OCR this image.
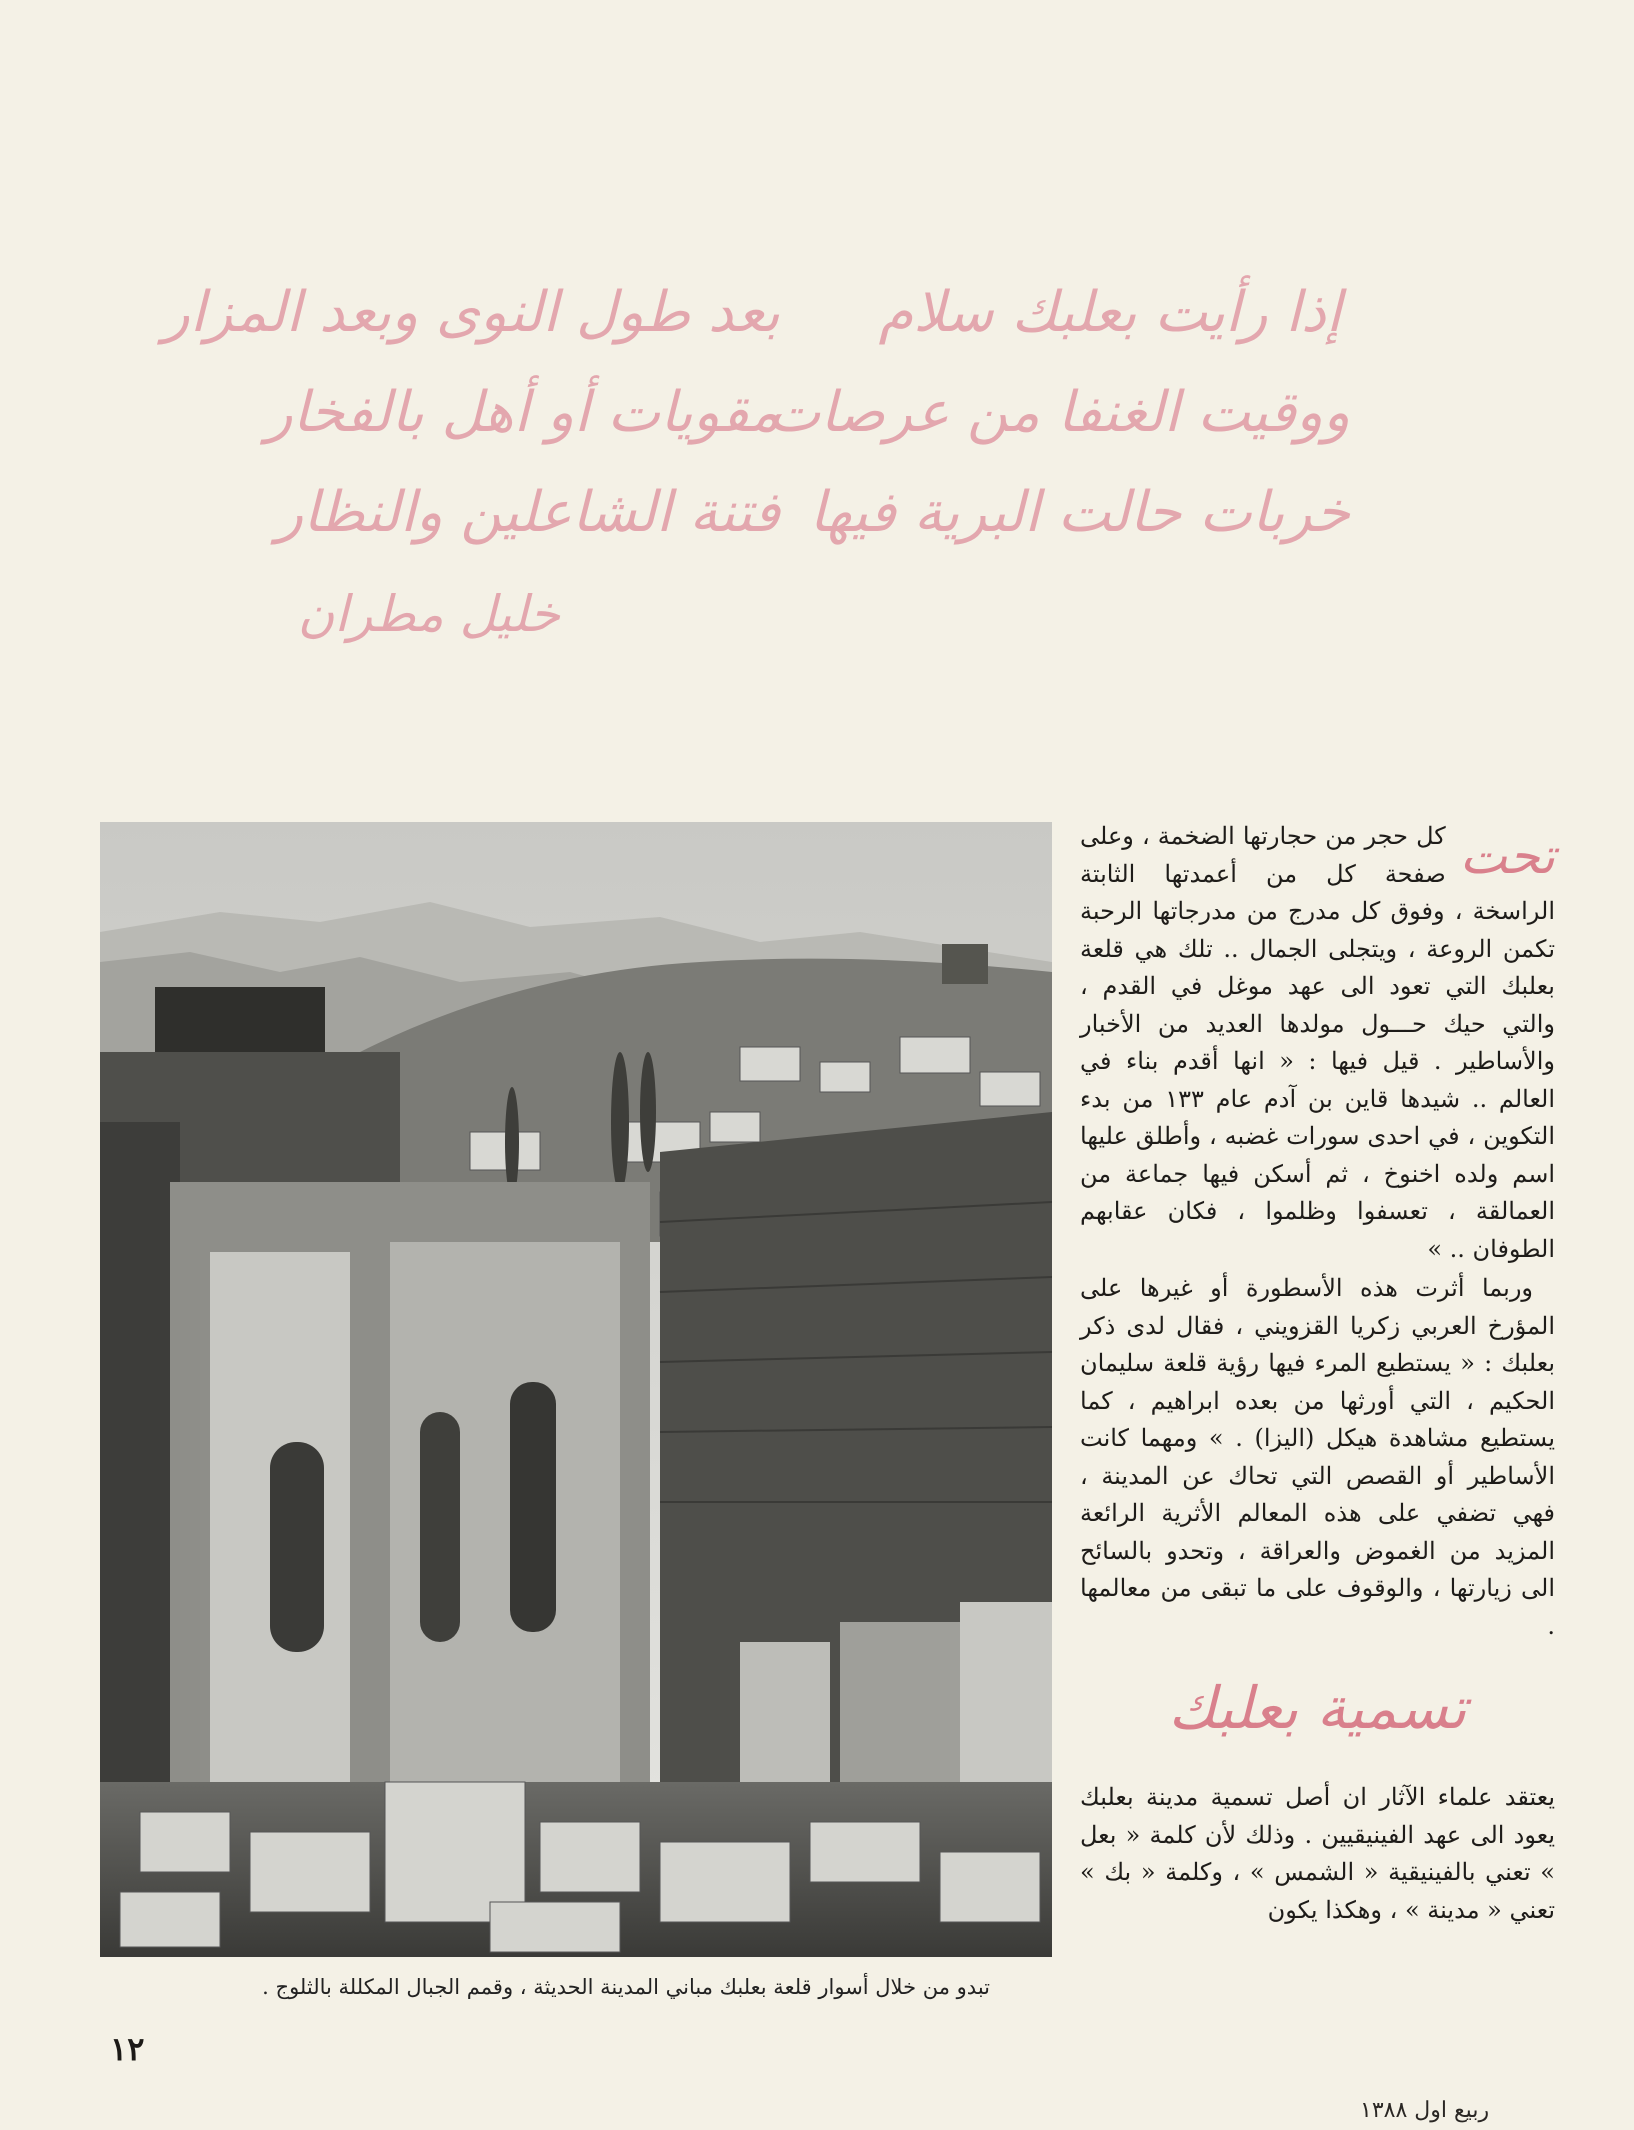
إذا رأيت بعلبك سلام
ووقيت الغنفا من عرصات
خربات حالت البرية فيها
بعد طول النوى وبعد المزار
مقويات أو أهل بالفخار
فتنة الشاعلين والنظار
خليل مطران
تبدو من خلال أسوار قلعة بعلبك مباني المدينة الحديثة ، وقمم الجبال المكللة بالثلوج .
تحت

كل حجر من حجارتها الضخمة ، وعلى صفحة كل من أعمدتها الثابتة الراسخة ، وفوق كل مدرج من مدرجاتها الرحبة تكمن الروعة ، ويتجلى الجمال .. تلك هي قلعة بعلبك التي تعود الى عهد موغل في القدم ، والتي حيك حـــول مولدها العديد من الأخبار والأساطير . قيل فيها : « انها أقدم بناء في العالم .. شيدها قاين بن آدم عام ١٣٣ من بدء التكوين ، في احدى سورات غضبه ، وأطلق عليها اسم ولده اخنوخ ، ثم أسكن فيها جماعة من العمالقة ، تعسفوا وظلموا ، فكان عقابهم الطوفان .. »

وربما أثرت هذه الأسطورة أو غيرها على المؤرخ العربي زكريا القزويني ، فقال لدى ذكر بعلبك : « يستطيع المرء فيها رؤية قلعة سليمان الحكيم ، التي أورثها من بعده ابراهيم ، كما يستطيع مشاهدة هيكل (اليزا) . » ومهما كانت الأساطير أو القصص التي تحاك عن المدينة ، فهي تضفي على هذه المعالم الأثرية الرائعة المزيد من الغموض والعراقة ، وتحدو بالسائح الى زيارتها ، والوقوف على ما تبقى من معالمها .

تسمية بعلبك

يعتقد علماء الآثار ان أصل تسمية مدينة بعلبك يعود الى عهد الفينيقيين . وذلك لأن كلمة « بعل » تعني بالفينيقية « الشمس » ، وكلمة « بك » تعني « مدينة » ، وهكذا يكون

١٢
ربيع اول ١٣٨٨
